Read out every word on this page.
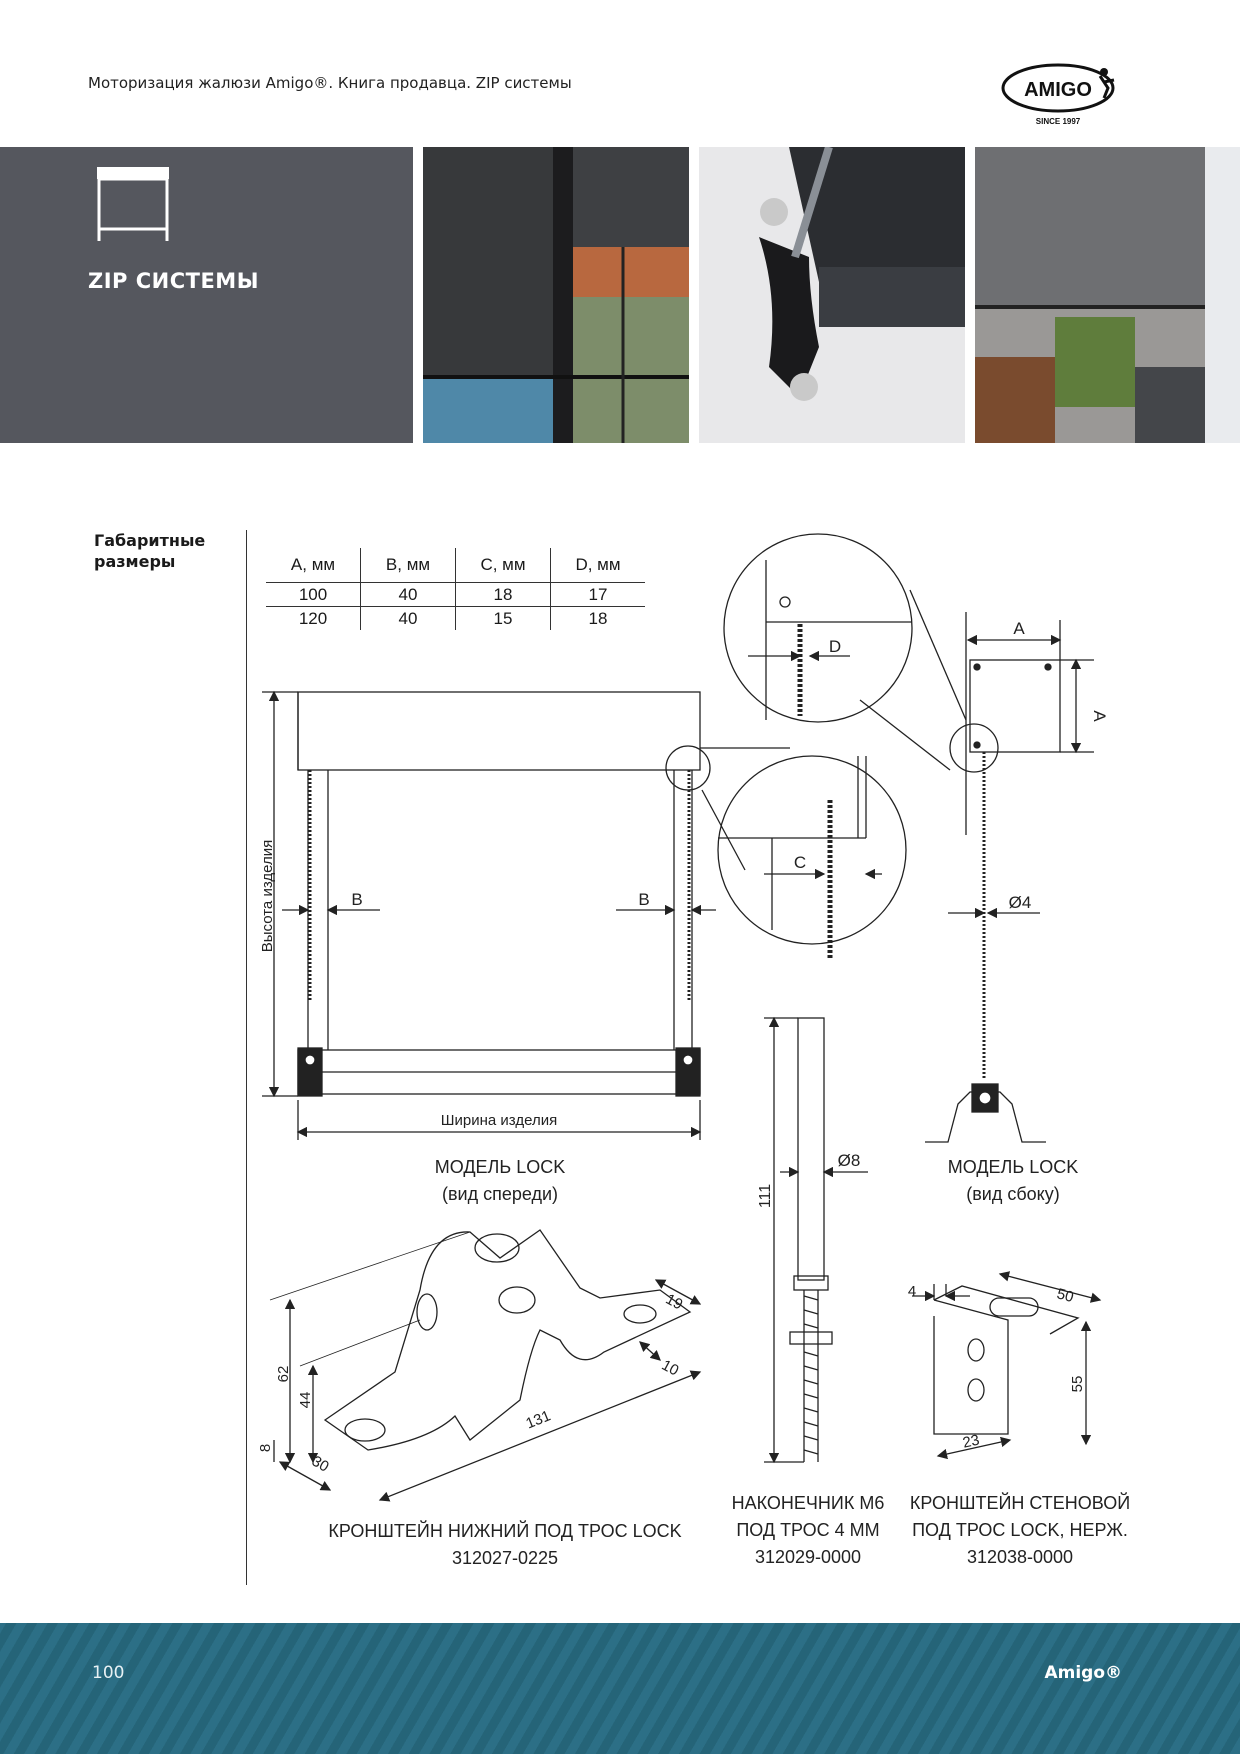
Моторизация жалюзи Amigo®. Книга продавца. ZIP системы	AMIGO
SINCE 1997
ZIP СИСТЕМЫ
Габаритные размеры	A, мм	B, мм	C, мм	D, мм
100	40	18	17
120	40	15	18
Высота изделия
Ширина изделия
B	B
C
D
A
A
Ø4
Ø8
111
62
44
8
30
131
19
10
4	50
55
23
МОДЕЛЬ LOCK
(вид спереди)
МОДЕЛЬ LOCK
(вид сбоку)
КРОНШТЕЙН НИЖНИЙ ПОД ТРОС LOCK
312027-0225
НАКОНЕЧНИК М6
ПОД ТРОС 4 ММ
312029-0000
КРОНШТЕЙН СТЕНОВОЙ
ПОД ТРОС LOCK, НЕРЖ.
312038-0000
100	Amigo®
